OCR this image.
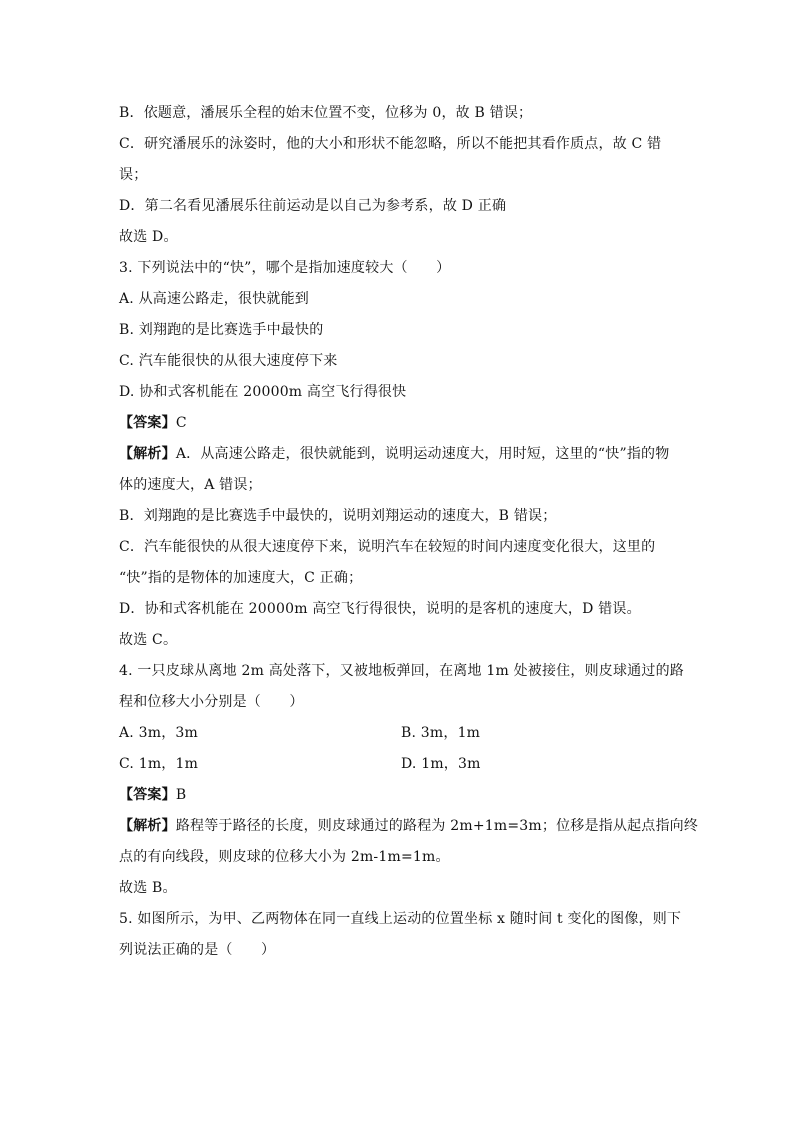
B．依题意，潘展乐全程的始末位置不变，位移为 0，故 B 错误；
C．研究潘展乐的泳姿时，他的大小和形状不能忽略，所以不能把其看作质点，故 C 错
误；
D．第二名看见潘展乐往前运动是以自己为参考系，故 D 正确
故选 D。
3. 下列说法中的“快”，哪个是指加速度较大（　　）
A. 从高速公路走，很快就能到
B. 刘翔跑的是比赛选手中最快的
C. 汽车能很快的从很大速度停下来
D. 协和式客机能在 20000m 高空飞行得很快
【答案】C
【解析】A．从高速公路走，很快就能到，说明运动速度大，用时短，这里的“快”指的物
体的速度大，A 错误；
B．刘翔跑的是比赛选手中最快的，说明刘翔运动的速度大，B 错误；
C．汽车能很快的从很大速度停下来，说明汽车在较短的时间内速度变化很大，这里的
“快”指的是物体的加速度大，C 正确；
D．协和式客机能在 20000m 高空飞行得很快，说明的是客机的速度大，D 错误。
故选 C。
4. 一只皮球从离地 2m 高处落下，又被地板弹回，在离地 1m 处被接住，则皮球通过的路
程和位移大小分别是（　　）
A. 3m，3m	B. 3m，1m
C. 1m，1m	D. 1m，3m
【答案】B
【解析】路程等于路径的长度，则皮球通过的路程为 2m+1m=3m；位移是指从起点指向终
点的有向线段，则皮球的位移大小为 2m-1m=1m。
故选 B。
5. 如图所示，为甲、乙两物体在同一直线上运动的位置坐标 x 随时间 t 变化的图像，则下
列说法正确的是（　　）
